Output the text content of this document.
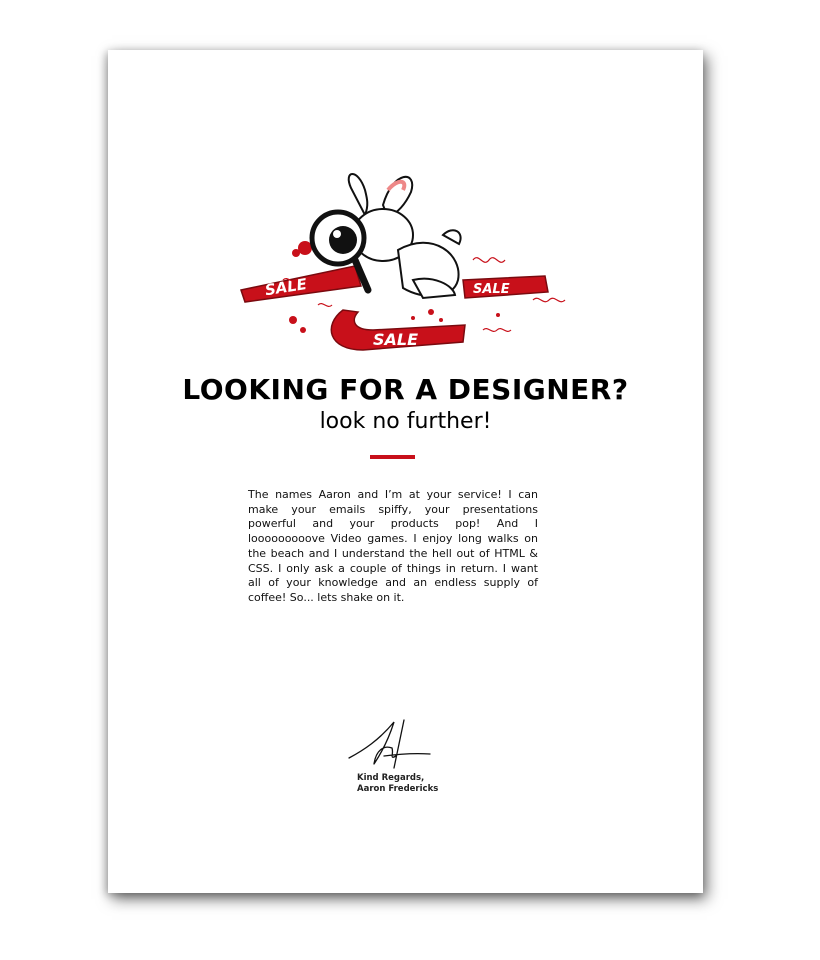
SALE	SALE
SALE
LOOKING FOR A DESIGNER?
look no further!
The names Aaron and I’m at your service! I can make your emails spiffy, your presentations powerful and your products pop! And I looooooooove Video games. I enjoy long walks on the beach and I understand the hell out of HTML & CSS. I only ask a couple of things in return. I want all of your knowledge and an endless supply of coffee! So... lets shake on it.
Kind Regards,
Aaron Fredericks
